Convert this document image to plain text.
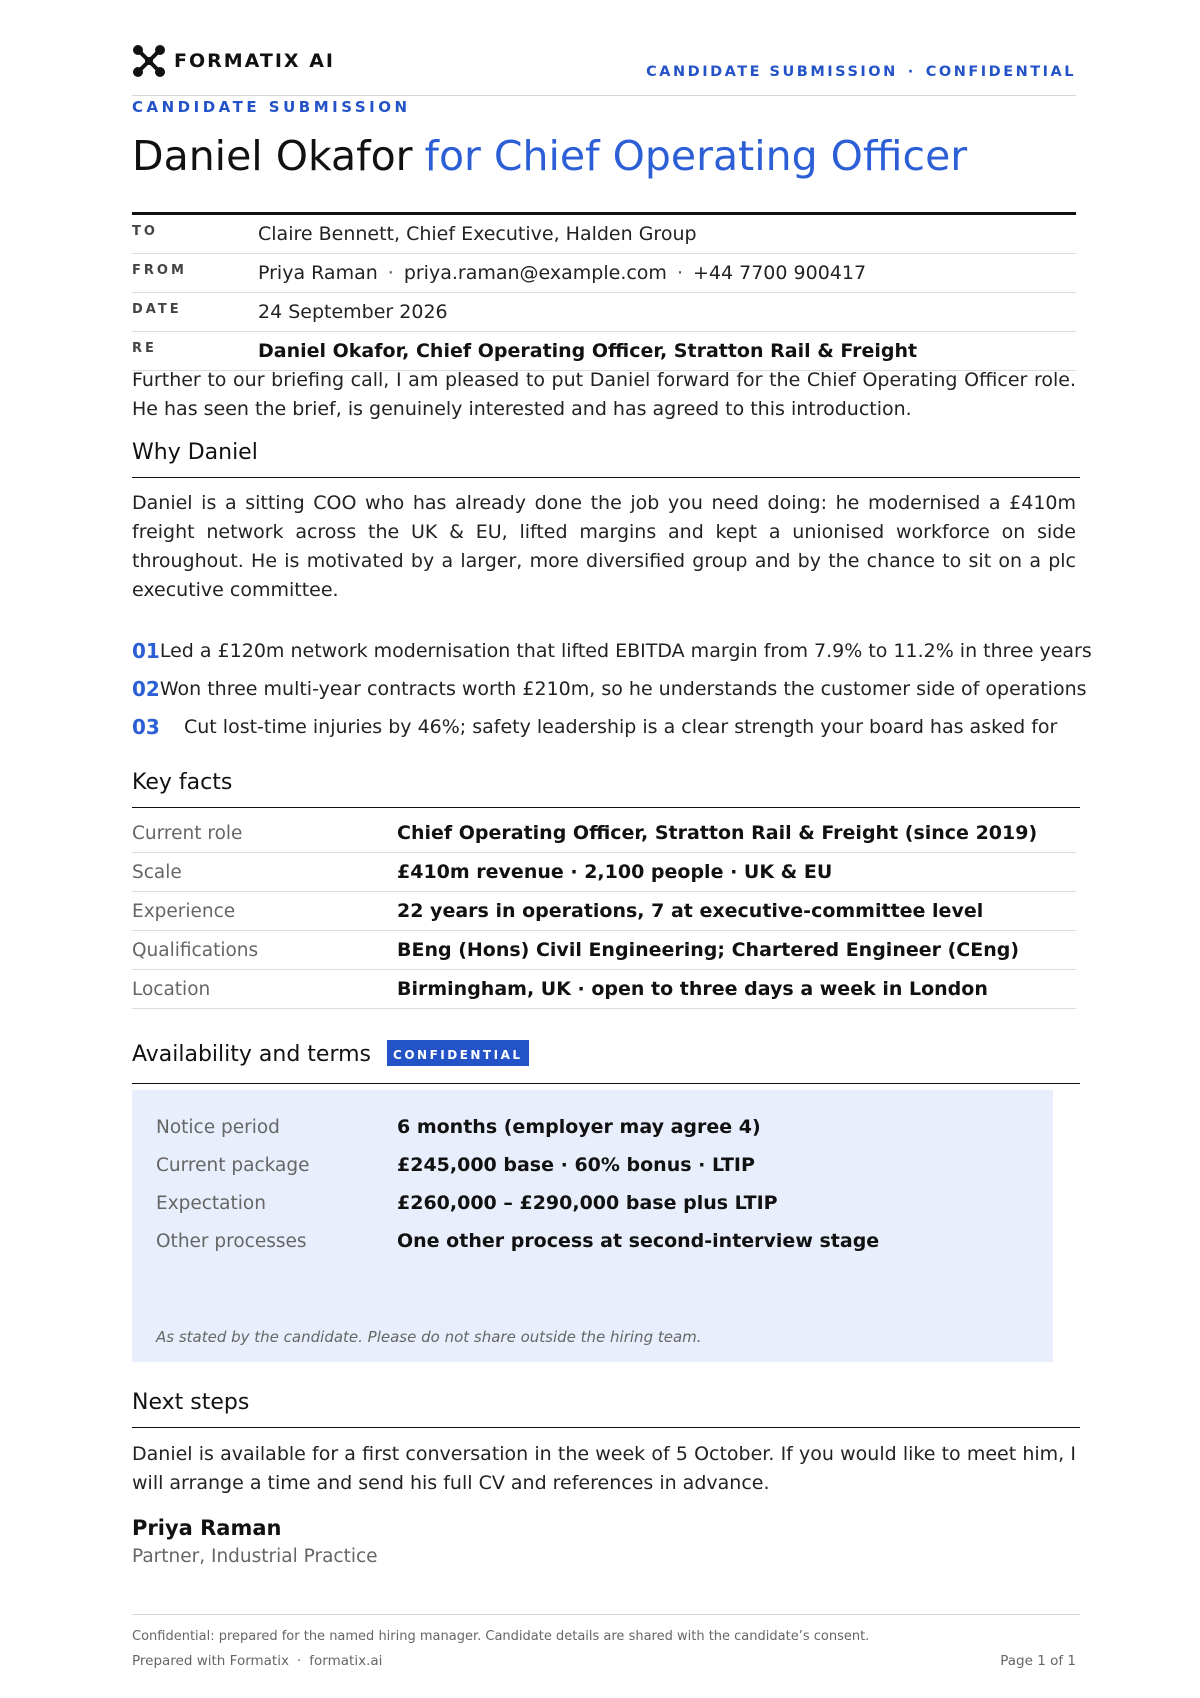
FORMATIX AI	CANDIDATE SUBMISSION · CONFIDENTIAL
CANDIDATE SUBMISSION
Daniel Okafor for Chief Operating Officer
TO	Claire Bennett, Chief Executive, Halden Group
FROM	Priya Raman · priya.raman@example.com · +44 7700 900417
DATE	24 September 2026
RE	Daniel Okafor, Chief Operating Officer, Stratton Rail & Freight

Further to our briefing call, I am pleased to put Daniel forward for the Chief Operating Officer role. He has seen the brief, is genuinely interested and has agreed to this introduction.

Why Daniel

Daniel is a sitting COO who has already done the job you need doing: he modernised a £410m freight network across the UK & EU, lifted margins and kept a unionised workforce on side throughout. He is motivated by a larger, more diversified group and by the chance to sit on a plc executive committee.

01 Led a £120m network modernisation that lifted EBITDA margin from 7.9% to 11.2% in three years
02 Won three multi-year contracts worth £210m, so he understands the customer side of operations
03	Cut lost-time injuries by 46%; safety leadership is a clear strength your board has asked for
Key facts
Current role	Chief Operating Officer, Stratton Rail & Freight (since 2019)
Scale	£410m revenue · 2,100 people · UK & EU
Experience	22 years in operations, 7 at executive-committee level
Qualifications	BEng (Hons) Civil Engineering; Chartered Engineer (CEng)
Location	Birmingham, UK · open to three days a week in London
Availability and terms CONFIDENTIAL
Notice period	6 months (employer may agree 4)
Current package	£245,000 base · 60% bonus · LTIP
Expectation	£260,000 – £290,000 base plus LTIP
Other processes	One other process at second-interview stage
As stated by the candidate. Please do not share outside the hiring team.
Next steps

Daniel is available for a first conversation in the week of 5 October. If you would like to meet him, I will arrange a time and send his full CV and references in advance.

Priya Raman
Partner, Industrial Practice
Confidential: prepared for the named hiring manager. Candidate details are shared with the candidate’s consent.
Prepared with Formatix · formatix.ai	Page 1 of 1
